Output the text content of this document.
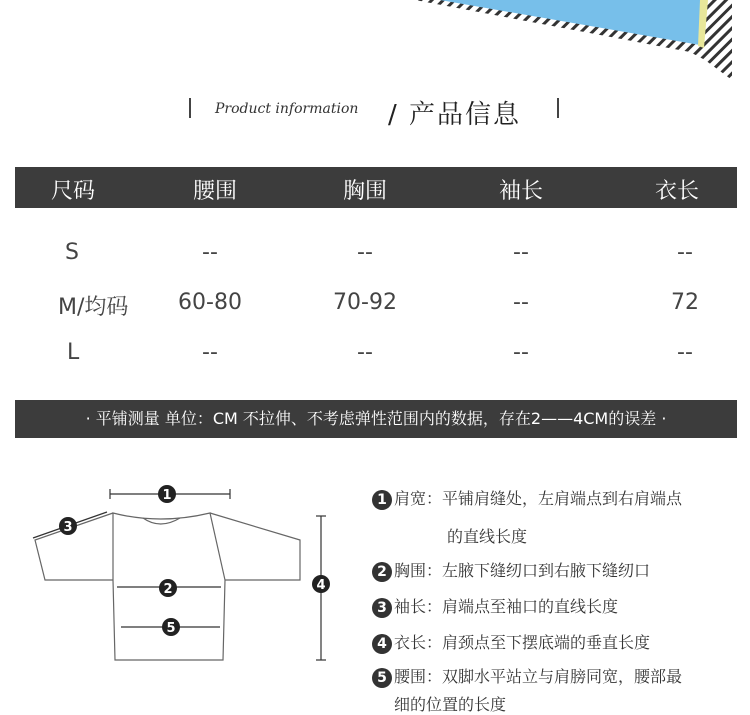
Product information / 产品信息
尺码	腰围	胸围	袖长	衣长
S	--	--	--	--
M/均码	60-80	70-92	--	72
L	--	--	--	--
· 平铺测量 单位：CM 不拉伸、不考虑弹性范围内的数据，存在2——4CM的误差 ·
1
3
2
5
4
1 肩宽：平铺肩缝处，左肩端点到右肩端点
的直线长度
2 胸围：左腋下缝纫口到右腋下缝纫口
3 袖长：肩端点至袖口的直线长度
4 衣长：肩颈点至下摆底端的垂直长度
5 腰围：双脚水平站立与肩膀同宽，腰部最
细的位置的长度
